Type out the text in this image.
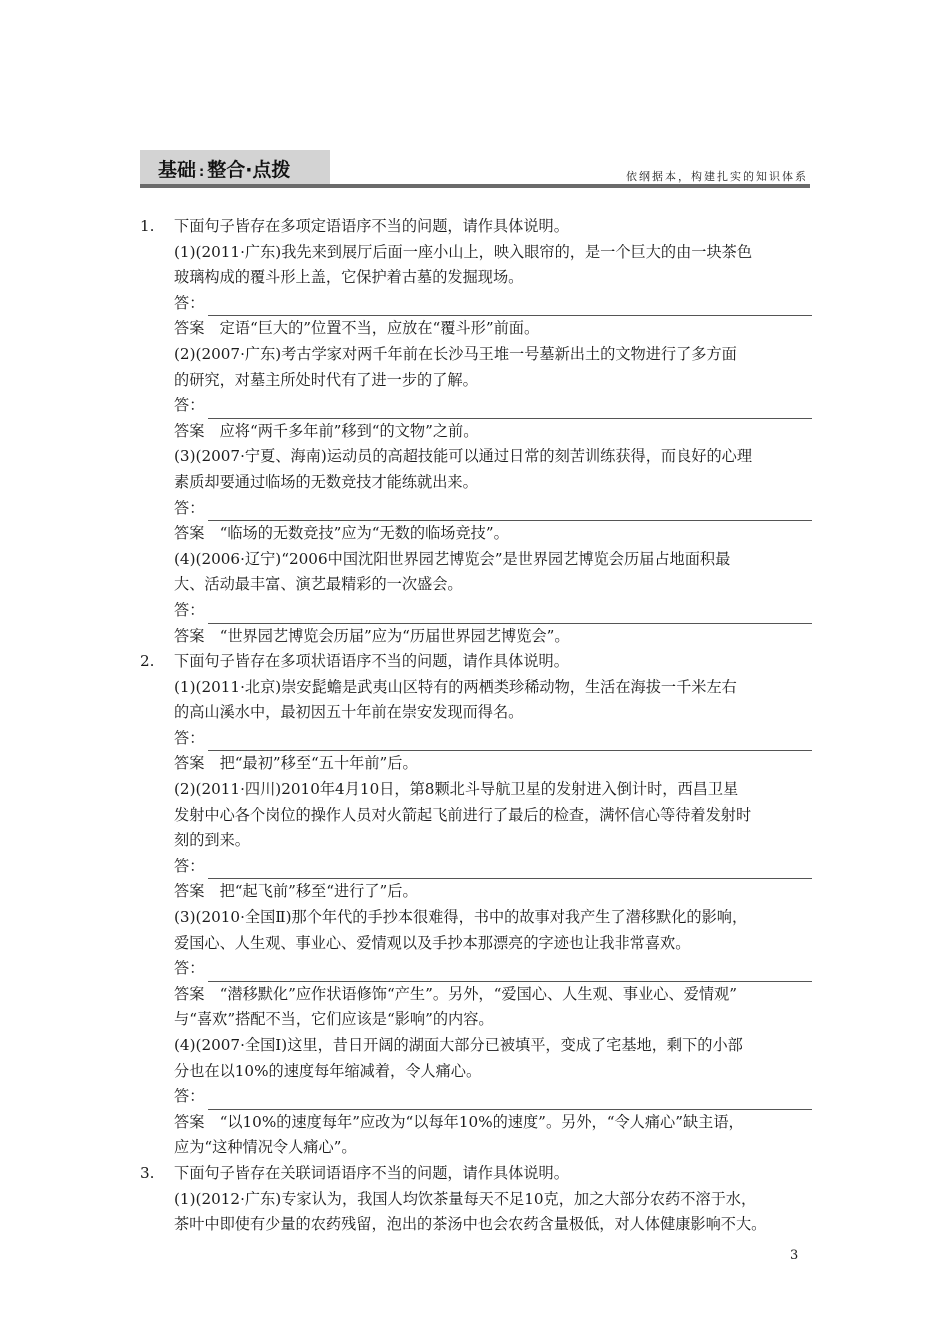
基础 : 整合·点拨	依纲据本，构建扎实的知识体系
1. 下面句子皆存在多项定语语序不当的问题，请作具体说明。
(1)(2011·广东)我先来到展厅后面一座小山上，映入眼帘的，是一个巨大的由一块茶色
玻璃构成的覆斗形上盖，它保护着古墓的发掘现场。
答：
答案　定语“巨大的”位置不当，应放在“覆斗形”前面。
(2)(2007·广东)考古学家对两千年前在长沙马王堆一号墓新出土的文物进行了多方面
的研究，对墓主所处时代有了进一步的了解。
答：
答案　应将“两千多年前”移到“的文物”之前。
(3)(2007·宁夏、海南)运动员的高超技能可以通过日常的刻苦训练获得，而良好的心理
素质却要通过临场的无数竞技才能练就出来。
答：
答案　“临场的无数竞技”应为“无数的临场竞技”。
(4)(2006·辽宁)“2006中国沈阳世界园艺博览会”是世界园艺博览会历届占地面积最
大、活动最丰富、演艺最精彩的一次盛会。
答：
答案　“世界园艺博览会历届”应为“历届世界园艺博览会”。
2. 下面句子皆存在多项状语语序不当的问题，请作具体说明。
(1)(2011·北京)崇安髭蟾是武夷山区特有的两栖类珍稀动物，生活在海拔一千米左右
的高山溪水中，最初因五十年前在崇安发现而得名。
答：
答案　把“最初”移至“五十年前”后。
(2)(2011·四川)2010年4月10日，第8颗北斗导航卫星的发射进入倒计时，西昌卫星
发射中心各个岗位的操作人员对火箭起飞前进行了最后的检查，满怀信心等待着发射时
刻的到来。
答：
答案　把“起飞前”移至“进行了”后。
(3)(2010·全国Ⅱ)那个年代的手抄本很难得，书中的故事对我产生了潜移默化的影响，
爱国心、人生观、事业心、爱情观以及手抄本那漂亮的字迹也让我非常喜欢。
答：
答案　“潜移默化”应作状语修饰“产生”。另外，“爱国心、人生观、事业心、爱情观”
与“喜欢”搭配不当，它们应该是“影响”的内容。
(4)(2007·全国Ⅰ)这里，昔日开阔的湖面大部分已被填平，变成了宅基地，剩下的小部
分也在以10%的速度每年缩减着，令人痛心。
答：
答案　“以10%的速度每年”应改为“以每年10%的速度”。另外，“令人痛心”缺主语，
应为“这种情况令人痛心”。
3. 下面句子皆存在关联词语语序不当的问题，请作具体说明。
(1)(2012·广东)专家认为，我国人均饮茶量每天不足10克，加之大部分农药不溶于水，
茶叶中即使有少量的农药残留，泡出的茶汤中也会农药含量极低，对人体健康影响不大。
3
